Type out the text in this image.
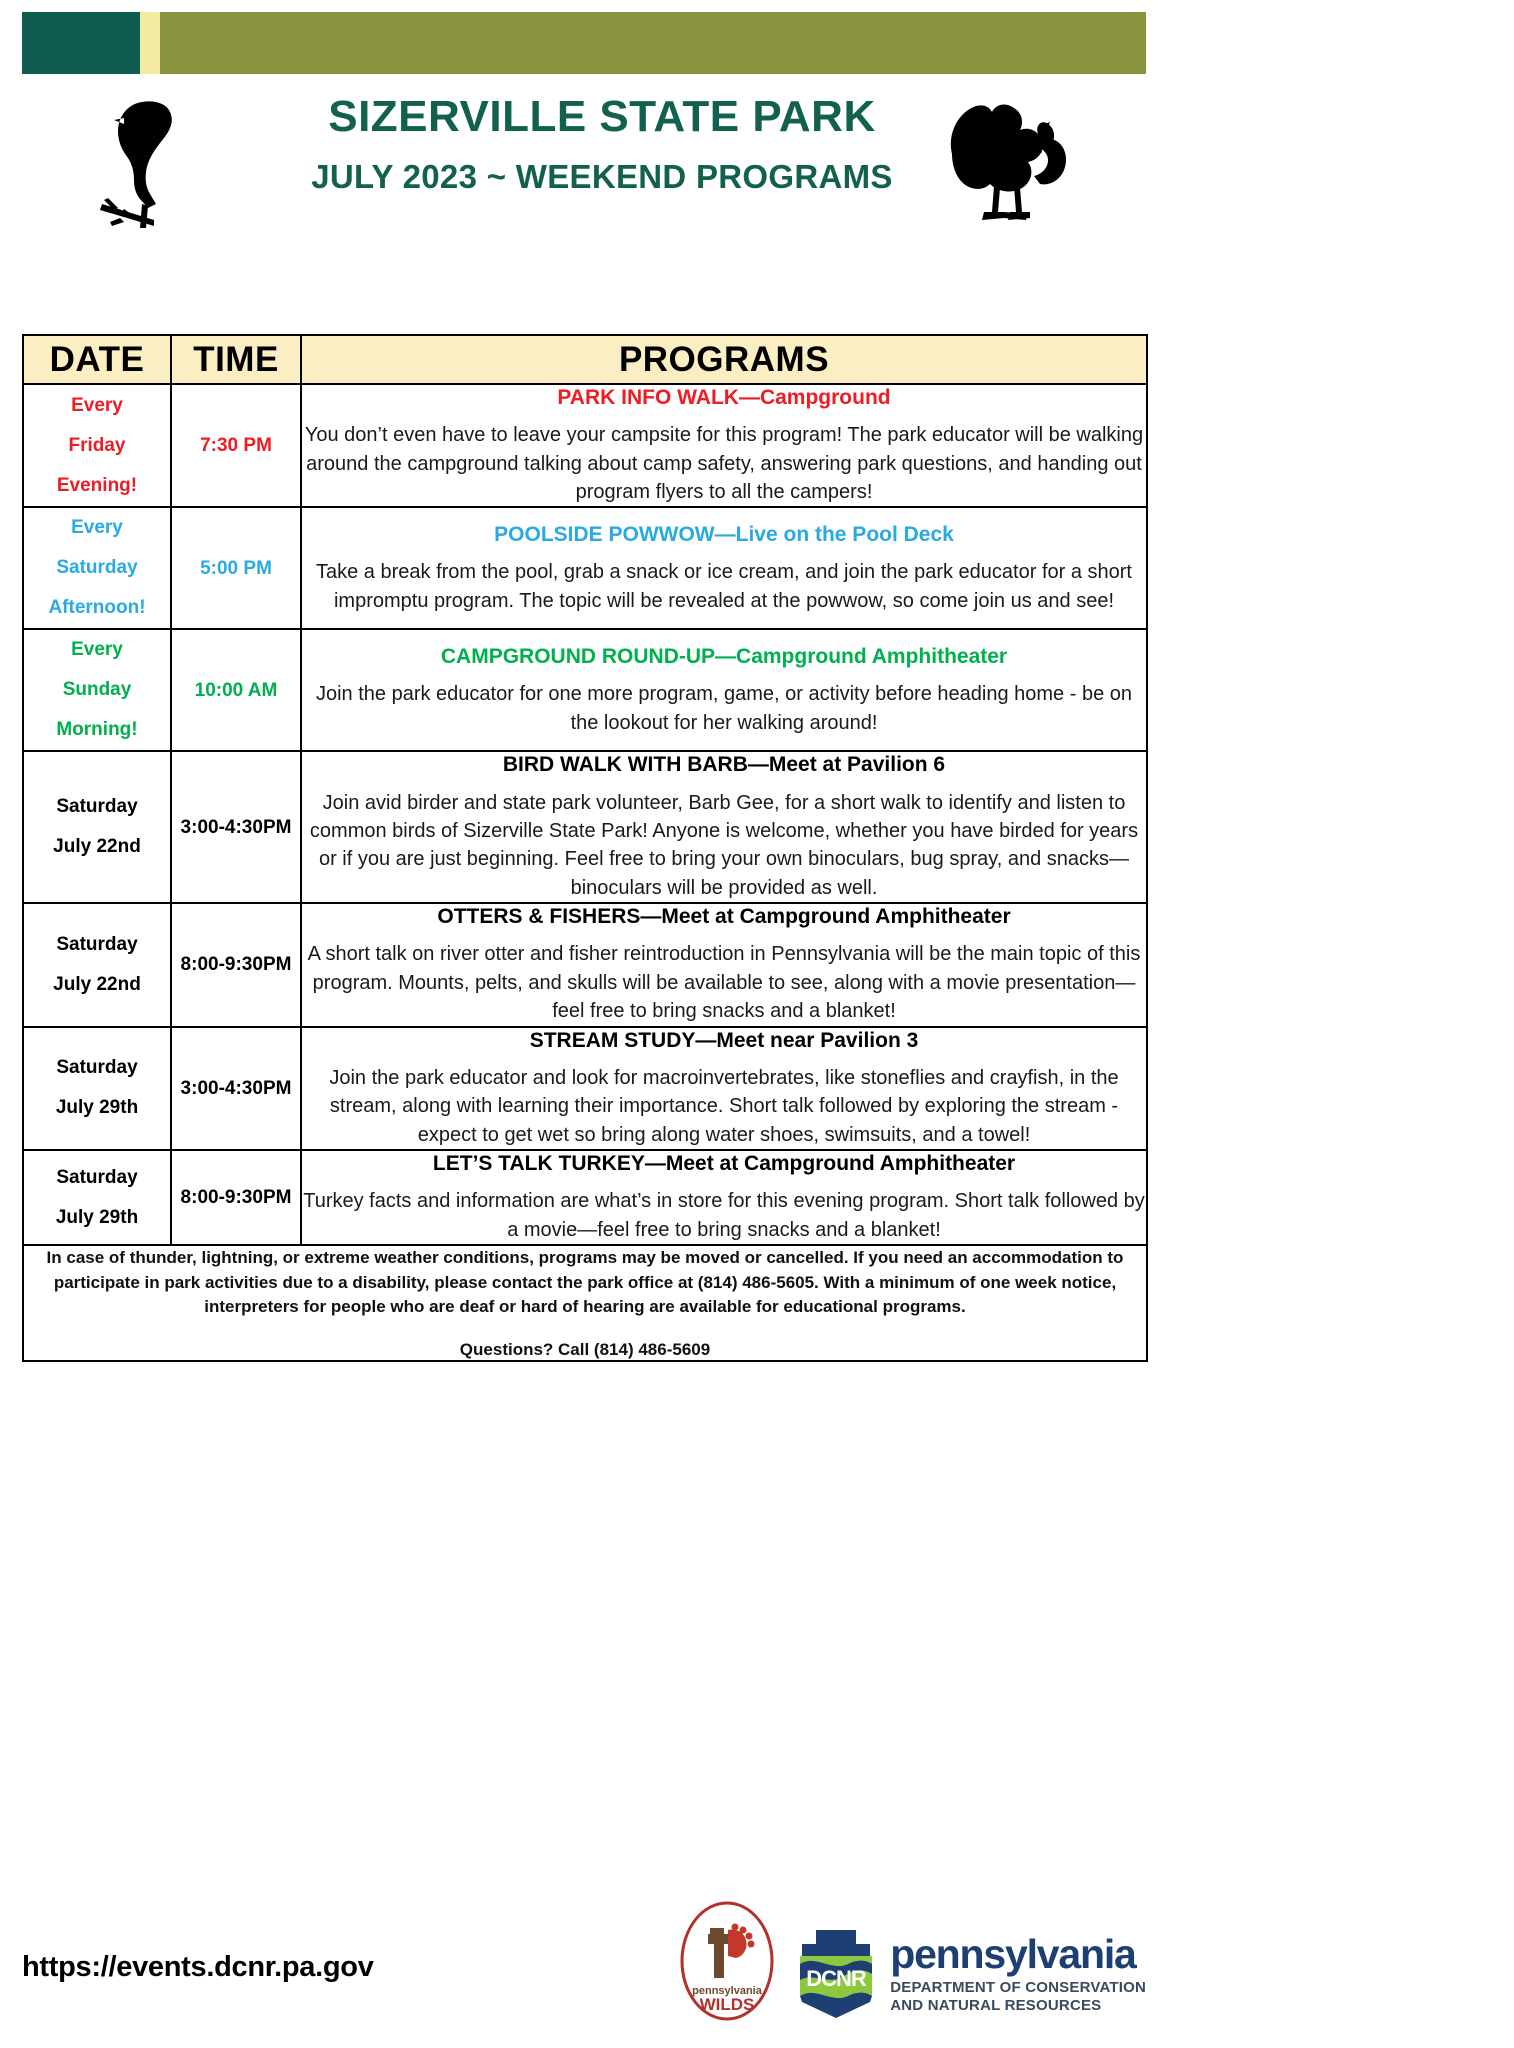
SIZERVILLE STATE PARK
JULY 2023 ~ WEEKEND PROGRAMS
DATE	TIME	PROGRAMS

Every
Friday
Evening!
	7:30 PM	
PARK INFO WALK—Campground
You don’t even have to leave your campsite for this program! The park educator will be walking around the campground talking about camp safety, answering park questions, and handing out program flyers to all the campers!

Every
Saturday
Afternoon!
	5:00 PM	
POOLSIDE POWWOW—Live on the Pool Deck
Take a break from the pool, grab a snack or ice cream, and join the park educator for a short impromptu program. The topic will be revealed at the powwow, so come join us and see!

Every
Sunday
Morning!
	10:00 AM	
CAMPGROUND ROUND-UP—Campground Amphitheater
Join the park educator for one more program, game, or activity before heading home - be on the lookout for her walking around!

Saturday
July 22nd
	3:00-4:30PM	
BIRD WALK WITH BARB—Meet at Pavilion 6
Join avid birder and state park volunteer, Barb Gee, for a short walk to identify and listen to common birds of Sizerville State Park! Anyone is welcome, whether you have birded for years or if you are just beginning. Feel free to bring your own binoculars, bug spray, and snacks—binoculars will be provided as well.

Saturday
July 22nd
	8:00-9:30PM	
OTTERS & FISHERS—Meet at Campground Amphitheater
A short talk on river otter and fisher reintroduction in Pennsylvania will be the main topic of this program. Mounts, pelts, and skulls will be available to see, along with a movie presentation—feel free to bring snacks and a blanket!

Saturday
July 29th
	3:00-4:30PM	
STREAM STUDY—Meet near Pavilion 3
Join the park educator and look for macroinvertebrates, like stoneflies and crayfish, in the stream, along with learning their importance. Short talk followed by exploring the stream - expect to get wet so bring along water shoes, swimsuits, and a towel!

Saturday
July 29th
	8:00-9:30PM	
LET’S TALK TURKEY—Meet at Campground Amphitheater
Turkey facts and information are what’s in store for this evening program. Short talk followed by a movie—feel free to bring snacks and a blanket!

In case of thunder, lightning, or extreme weather conditions, programs may be moved or cancelled. If you need an accommodation to participate in park activities due to a disability, please contact the park office at (814) 486-5605. With a minimum of one week notice, interpreters for people who are deaf or hard of hearing are available for educational programs.
Questions? Call (814) 486-5609		
https://events.dcnr.pa.gov
pennsylvania
WILDS
DCNR
pennsylvania
DEPARTMENT OF CONSERVATION
AND NATURAL RESOURCES
